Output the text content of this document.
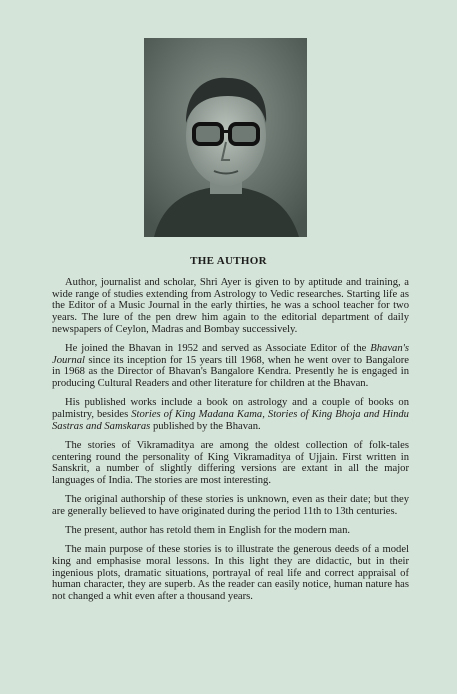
THE AUTHOR

Author, journalist and scholar, Shri Ayer is given to by aptitude and training, a wide range of studies extending from Astrology to Vedic researches. Starting life as the Editor of a Music Journal in the early thirties, he was a school teacher for two years. The lure of the pen drew him again to the editorial department of daily newspapers of Ceylon, Madras and Bombay successively.

He joined the Bhavan in 1952 and served as Associate Editor of the Bhavan's Journal since its inception for 15 years till 1968, when he went over to Bangalore in 1968 as the Director of Bhavan's Bangalore Kendra. Presently he is engaged in producing Cultural Readers and other literature for children at the Bhavan.

His published works include a book on astrology and a couple of books on palmistry, besides Stories of King Madana Kama, Stories of King Bhoja and Hindu Sastras and Samskaras published by the Bhavan.

The stories of Vikramaditya are among the oldest collection of folk-tales centering round the personality of King Vikramaditya of Ujjain. First written in Sanskrit, a number of slightly differing versions are extant in all the major languages of India. The stories are most interesting.

The original authorship of these stories is unknown, even as their date; but they are generally believed to have originated during the period 11th to 13th centuries.

The present, author has retold them in English for the modern man.

The main purpose of these stories is to illustrate the generous deeds of a model king and emphasise moral lessons. In this light they are didactic, but in their ingenious plots, dramatic situations, portrayal of real life and correct appraisal of human character, they are superb. As the reader can easily notice, human nature has not changed a whit even after a thousand years.
